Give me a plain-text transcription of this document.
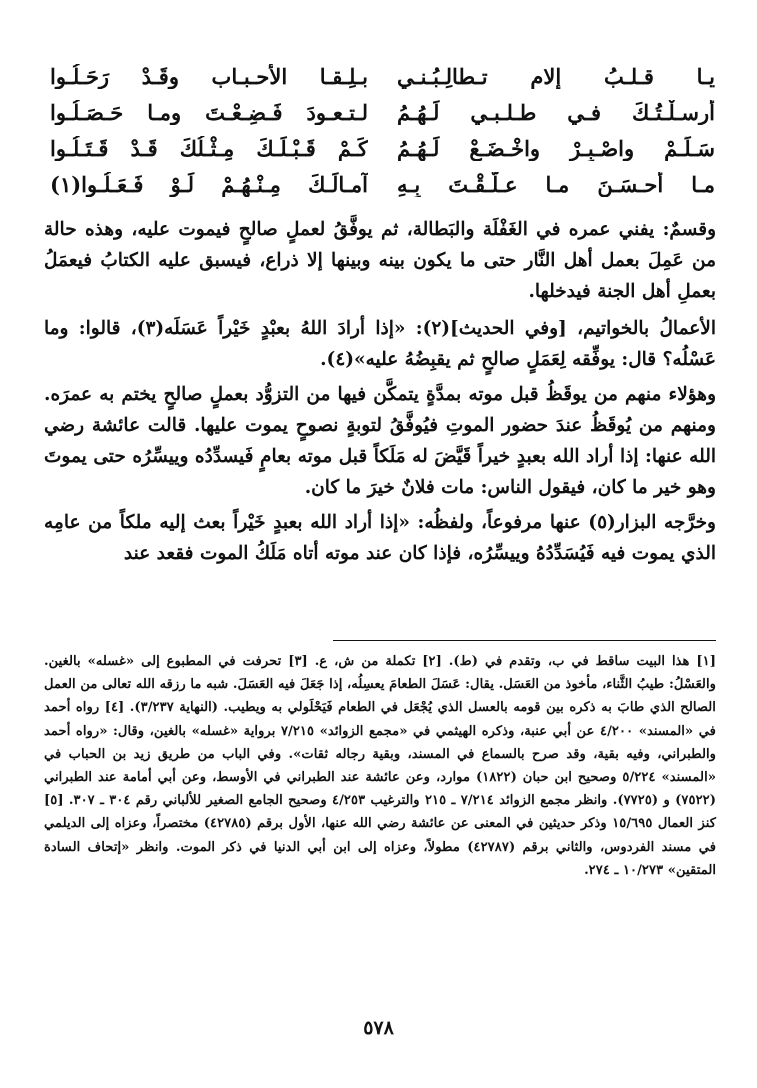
يـا قـلـبُ إلام تـطالِـبُـنـي
بـلِـقـا الأحـبـاب وقَـدْ رَحَـلُـوا
أرسـلْـتُـكَ فـي طـلـبـي لَـهُـمُ
لـتـعـودَ فَـضِـعْـتَ ومـا حَـصَـلُـوا
سَـلِّـمْ واصْـبِـرْ واخْـضَـعْ لَـهُـمُ
كَـمْ قَـبْـلَـكَ مِـثْـلُكَ قَـدْ قَـتَـلُـوا
مـا أحـسَـنَ مـا عـلَّـقْـتَ بِـهِ
آمـالَـكَ مِـنْـهُـمْ لَـوْ فَـعَـلُـوا(١)

وقسمٌ: يفني عمره في الغَفْلَة والبَطالة، ثم يوفَّقُ لعملٍ صالحٍ فيموت عليه، وهذه حالة من عَمِلَ بعمل أهل النَّار حتى ما يكون بينه وبينها إلا ذراع، فيسبق عليه الكتابُ فيعمَلُ بعملِ أهل الجنة فيدخلها.

الأعمالُ بالخواتيم، [وفي الحديث](٢): «إذا أرادَ اللهُ بعبْدٍ خَيْراً عَسَلَه(٣)، قالوا: وما عَسْلُه؟ قال: يوفِّقه لِعَمَلٍ صالحٍ ثم يقبِضُهُ عليه»(٤).

وهؤلاء منهم من يوقَظُ قبل موته بمدَّةٍ يتمكَّن فيها من التزوُّد بعملٍ صالحٍ يختم به عمرَه. ومنهم من يُوقَظُ عندَ حضور الموتِ فيُوفَّقُ لتوبةٍ نصوحٍ يموت عليها. قالت عائشة رضي الله عنها: إذا أراد الله بعبدٍ خيراً قَيَّضَ له مَلَكاً قبل موته بعامٍ فَيسدِّدُه وييسِّرُه حتى يموتَ وهو خير ما كان، فيقول الناس: مات فلانٌ خيرَ ما كان.

وخرَّجه البزار(٥) عنها مرفوعاً، ولفظُه: «إذا أراد الله بعبدٍ خَيْراً بعث إليه ملكاً من عامِه الذي يموت فيه فَيُسَدِّدُهُ وييسِّرُه، فإذا كان عند موته أتاه مَلَكُ الموت فقعد عند

[١] هذا البيت ساقط في ب، وتقدم في (ط). [٢] تكملة من ش، ع. [٣] تحرفت في المطبوع إلى «غسله» بالغين. والعَسْلُ: طيبُ الثَّناء، مأخوذ من العَسَل. يقال: عَسَلَ الطعامَ يعسِلُه، إذا جَعَلَ فيه العَسَلَ. شبه ما رزقه الله تعالى من العمل الصالح الذي طابَ به ذكره بين قومه بالعسل الذي يُجْعَل في الطعام فَيَحْلَولي به ويطيب. (النهاية ٣/٢٣٧). [٤] رواه أحمد في «المسند» ٤/٢٠٠ عن أبي عنبة، وذكره الهيثمي في «مجمع الزوائد» ٧/٢١٥ برواية «غسله» بالغين، وقال: «رواه أحمد والطبراني، وفيه بقية، وقد صرح بالسماع في المسند، وبقية رجاله ثقات». وفي الباب من طريق زيد بن الحباب في «المسند» ٥/٢٢٤ وصحيح ابن حبان (١٨٢٢) موارد، وعن عائشة عند الطبراني في الأوسط، وعن أبي أمامة عند الطبراني (٧٥٢٢) و (٧٧٢٥). وانظر مجمع الزوائد ٧/٢١٤ ـ ٢١٥ والترغيب ٤/٢٥٣ وصحيح الجامع الصغير للألباني رقم ٣٠٤ ـ ٣٠٧. [٥] كنز العمال ١٥/٦٩٥ وذكر حديثين في المعنى عن عائشة رضي الله عنها، الأول برقم (٤٢٧٨٥) مختصراً، وعزاه إلى الديلمي في مسند الفردوس، والثاني برقم (٤٢٧٨٧) مطولاً، وعزاه إلى ابن أبي الدنيا في ذكر الموت. وانظر «إتحاف السادة المتقين» ١٠/٢٧٣ ـ ٢٧٤.
٥٧٨
